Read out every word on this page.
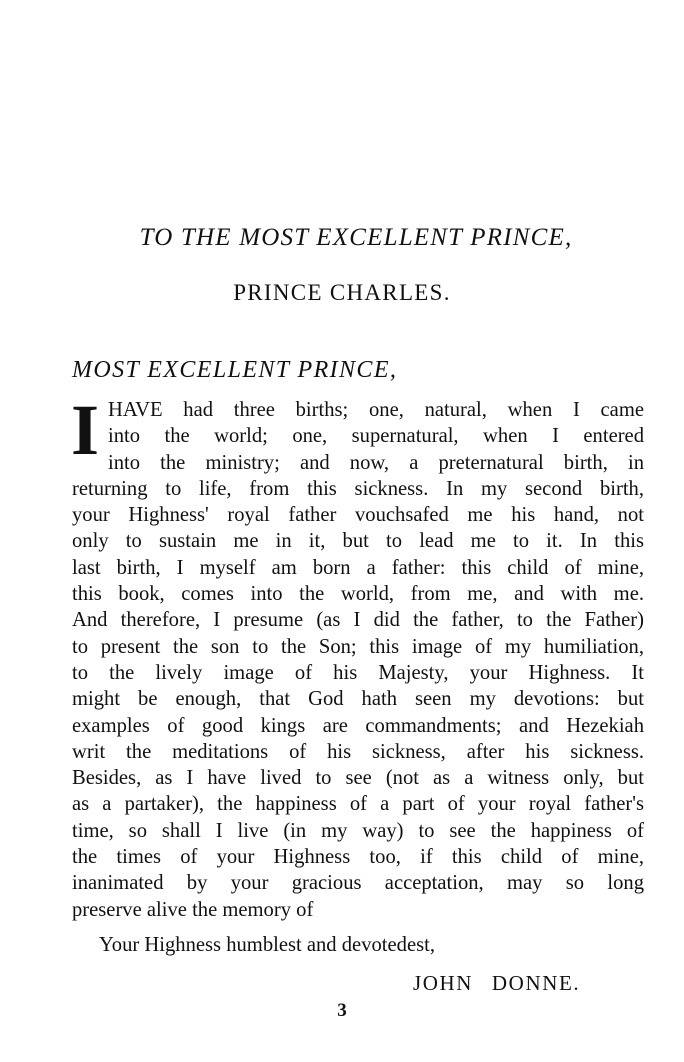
TO THE MOST EXCELLENT PRINCE,
PRINCE CHARLES.
MOST EXCELLENT PRINCE,
I HAVE had three births; one, natural, when I came
into the world; one, supernatural, when I entered
into the ministry; and now, a preternatural birth, in
returning to life, from this sickness. In my second birth,
your Highness' royal father vouchsafed me his hand, not
only to sustain me in it, but to lead me to it. In this
last birth, I myself am born a father: this child of mine,
this book, comes into the world, from me, and with me.
And therefore, I presume (as I did the father, to the Father)
to present the son to the Son; this image of my humiliation,
to the lively image of his Majesty, your Highness. It
might be enough, that God hath seen my devotions: but
examples of good kings are commandments; and Hezekiah
writ the meditations of his sickness, after his sickness.
Besides, as I have lived to see (not as a witness only, but
as a partaker), the happiness of a part of your royal father's
time, so shall I live (in my way) to see the happiness of
the times of your Highness too, if this child of mine,
inanimated by your gracious acceptation, may so long
preserve alive the memory of
Your Highness humblest and devotedest,
JOHN DONNE.
3
